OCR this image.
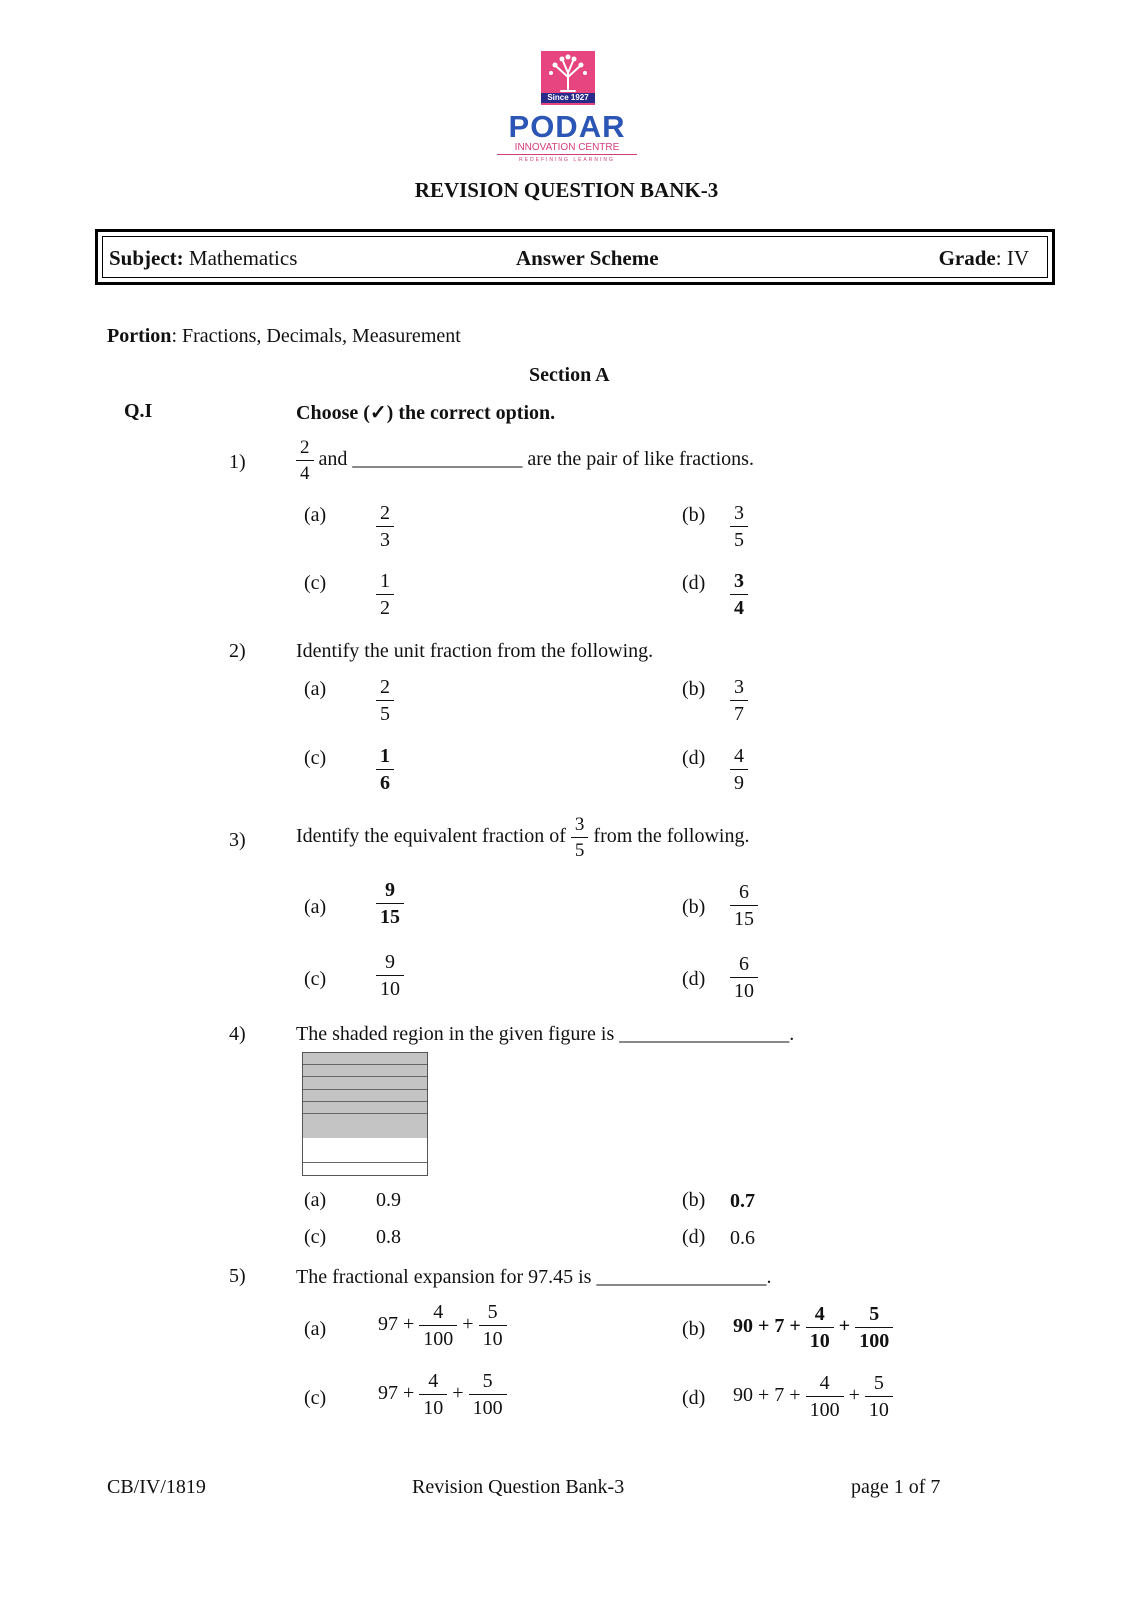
Since 1927
PODAR
INNOVATION CENTRE
REDEFINING LEARNING
REVISION QUESTION BANK-3
Subject: Mathematics	Answer Scheme	Grade: IV
Portion: Fractions, Decimals, Measurement
Section A
Q.I	Choose (✓) the correct option.
1)	$\frac{2}{4}$ and _________________ are the pair of like fractions.
$(a) \frac{2}{3}$	$(b) \frac{3}{5}$
$(c) \frac{1}{2}$	$(d) \frac{3}{4}$
2)	Identify the unit fraction from the following.
$(a) \frac{2}{5}$	$(b) \frac{3}{7}$
$(c) \frac{1}{6}$	$(d) \frac{4}{9}$
3)	Identify the equivalent fraction of $\frac{3}{5}$ from the following.
$(a) \frac{9}{15}$	$(b) \frac{6}{15}$
$(c) \frac{9}{10}$	$(d) \frac{6}{10}$
4)	The shaded region in the given figure is _________________.
(a) 0.9	(b) 0.7
(c) 0.8	(d) 0.6
5)	The fractional expansion for 97.45 is _________________.
(a)	$97 + \frac{4}{100} + \frac{5}{10}$	(b) $90 + 7 + \frac{4}{10} + \frac{5}{100}$
(c)	$97 + \frac{4}{10} + \frac{5}{100}$	(d) $90 + 7 + \frac{4}{100} + \frac{5}{10}$
CB/IV/1819	Revision Question Bank-3	page 1 of 7
